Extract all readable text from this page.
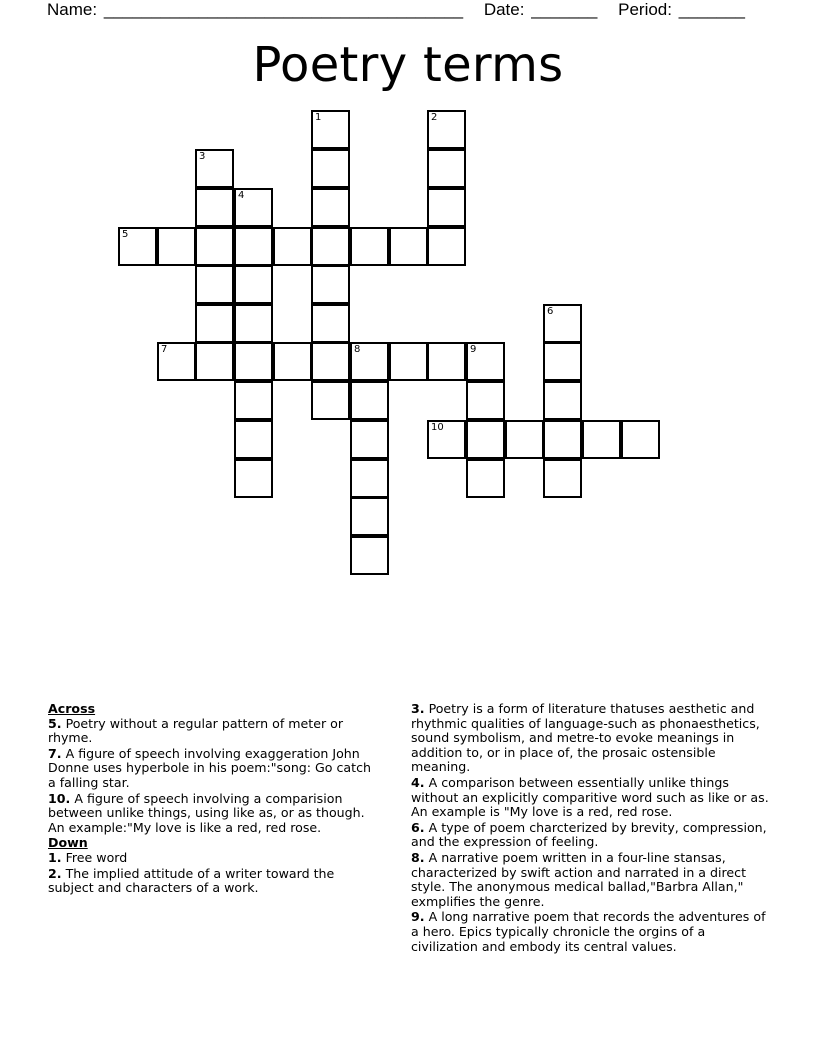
Name: ______________________________________ Date: _______ Period: _______
Poetry terms
1	2
3
4
5
6
7	8	9
10

Across

5. Poetry without a regular pattern of meter or rhyme.

7. A figure of speech involving exaggeration John Donne uses hyperbole in his poem:"song: Go catch a falling star.

10. A figure of speech involving a comparision between unlike things, using like as, or as though. An example:"My love is like a red, red rose.

Down

1. Free word

2. The implied attitude of a writer toward the subject and characters of a work.

3. Poetry is a form of literature thatuses aesthetic and rhythmic qualities of language-such as phonaesthetics, sound symbolism, and metre-to evoke meanings in addition to, or in place of, the prosaic ostensible meaning.

4. A comparison between essentially unlike things without an explicitly comparitive word such as like or as. An example is "My love is a red, red rose.

6. A type of poem charcterized by brevity, compression, and the expression of feeling.

8. A narrative poem written in a four-line stansas, characterized by swift action and narrated in a direct style. The anonymous medical ballad,"Barbra Allan," exmplifies the genre.

9. A long narrative poem that records the adventures of a hero. Epics typically chronicle the orgins of a civilization and embody its central values.
